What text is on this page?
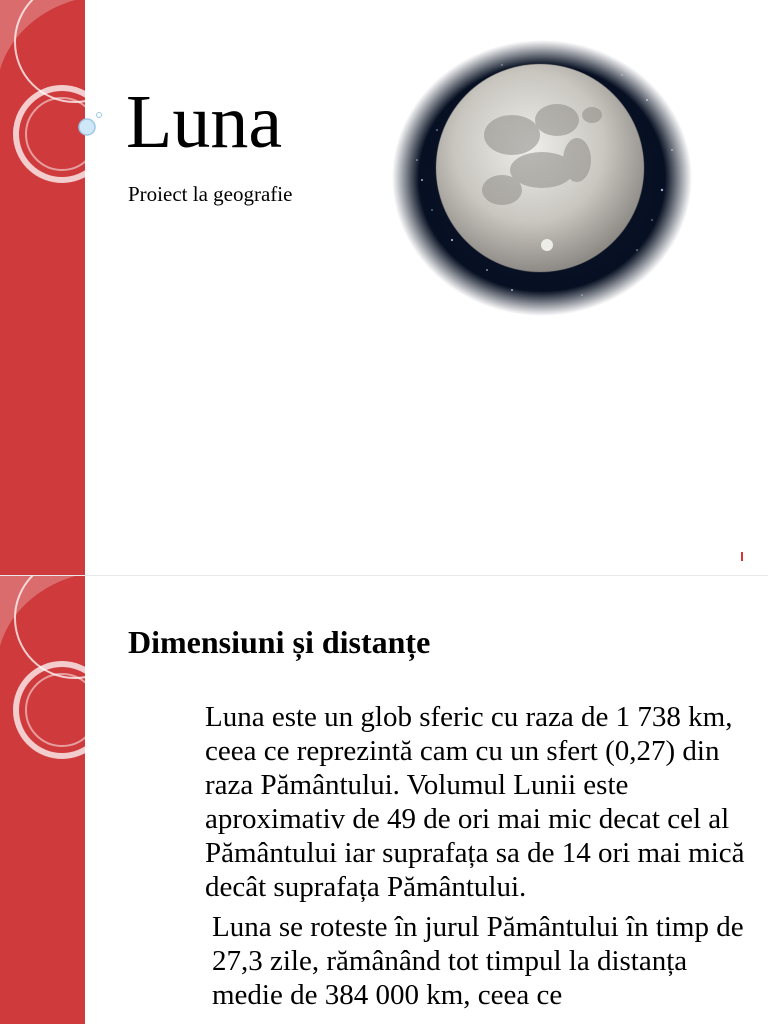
Luna
Proiect la geografie
Dimensiuni și distanțe

Luna este un glob sferic cu raza de 1 738 km, ceea ce reprezintă cam cu un sfert (0,27) din raza Pământului. Volumul Lunii este aproximativ de 49 de ori mai mic decat cel al Pământului iar suprafața sa de 14 ori mai mică decât suprafața Pământului.

Luna se roteste în jurul Pământului în timp de 27,3 zile, rămânând tot timpul la distanța medie de 384 000 km, ceea ce
